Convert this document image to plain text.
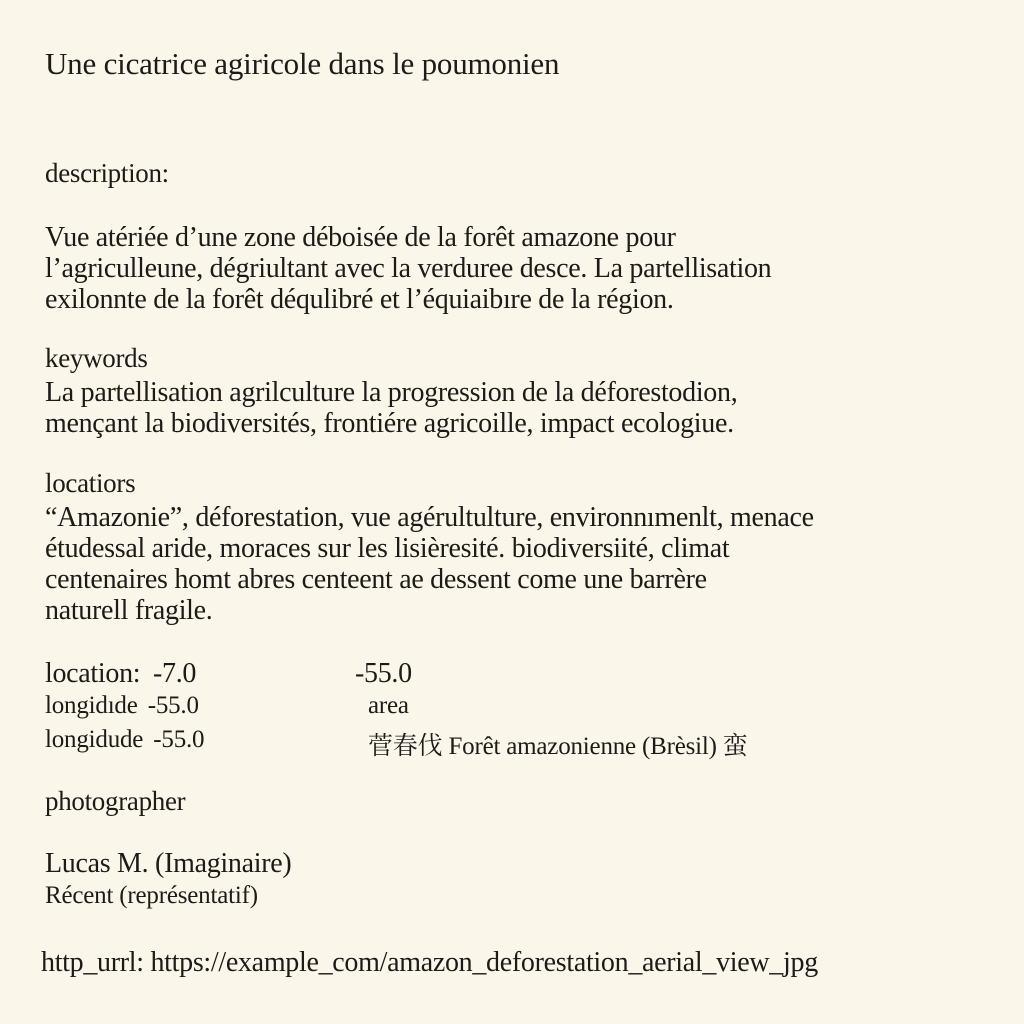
Une cicatrice agiricole dans le poumonien
description:
Vue atériée d’une zone déboisée de la forêt amazone pour
l’agriculleune, dégriultant avec la verduree desce. La partellisation
exilonnte de la forêt déqulibré et l’équiaibıre de la région.
keywords
La partellisation agrilculture la progression de la déforestodion,
mençant la biodiversités, frontiére agricoille, impact ecologiue.
locatiors
“Amazonie”, déforestation, vue agérultulture, environnımenlt, menace
étudessal aride, moraces sur les lisièresité. biodiversiité, climat
centenaires homt abres centeent ae dessent come une barrère
naturell fragile.
location: -7.0	-55.0
longidıde -55.0	area
longidude -55.0	菅春伐 Forêt amazonienne (Brèsil) 蛮
photographer
Lucas M. (Imaginaire)
Récent (représentatif)
http_urrl: https://example_com/amazon_deforestation_aerial_view_jpg
